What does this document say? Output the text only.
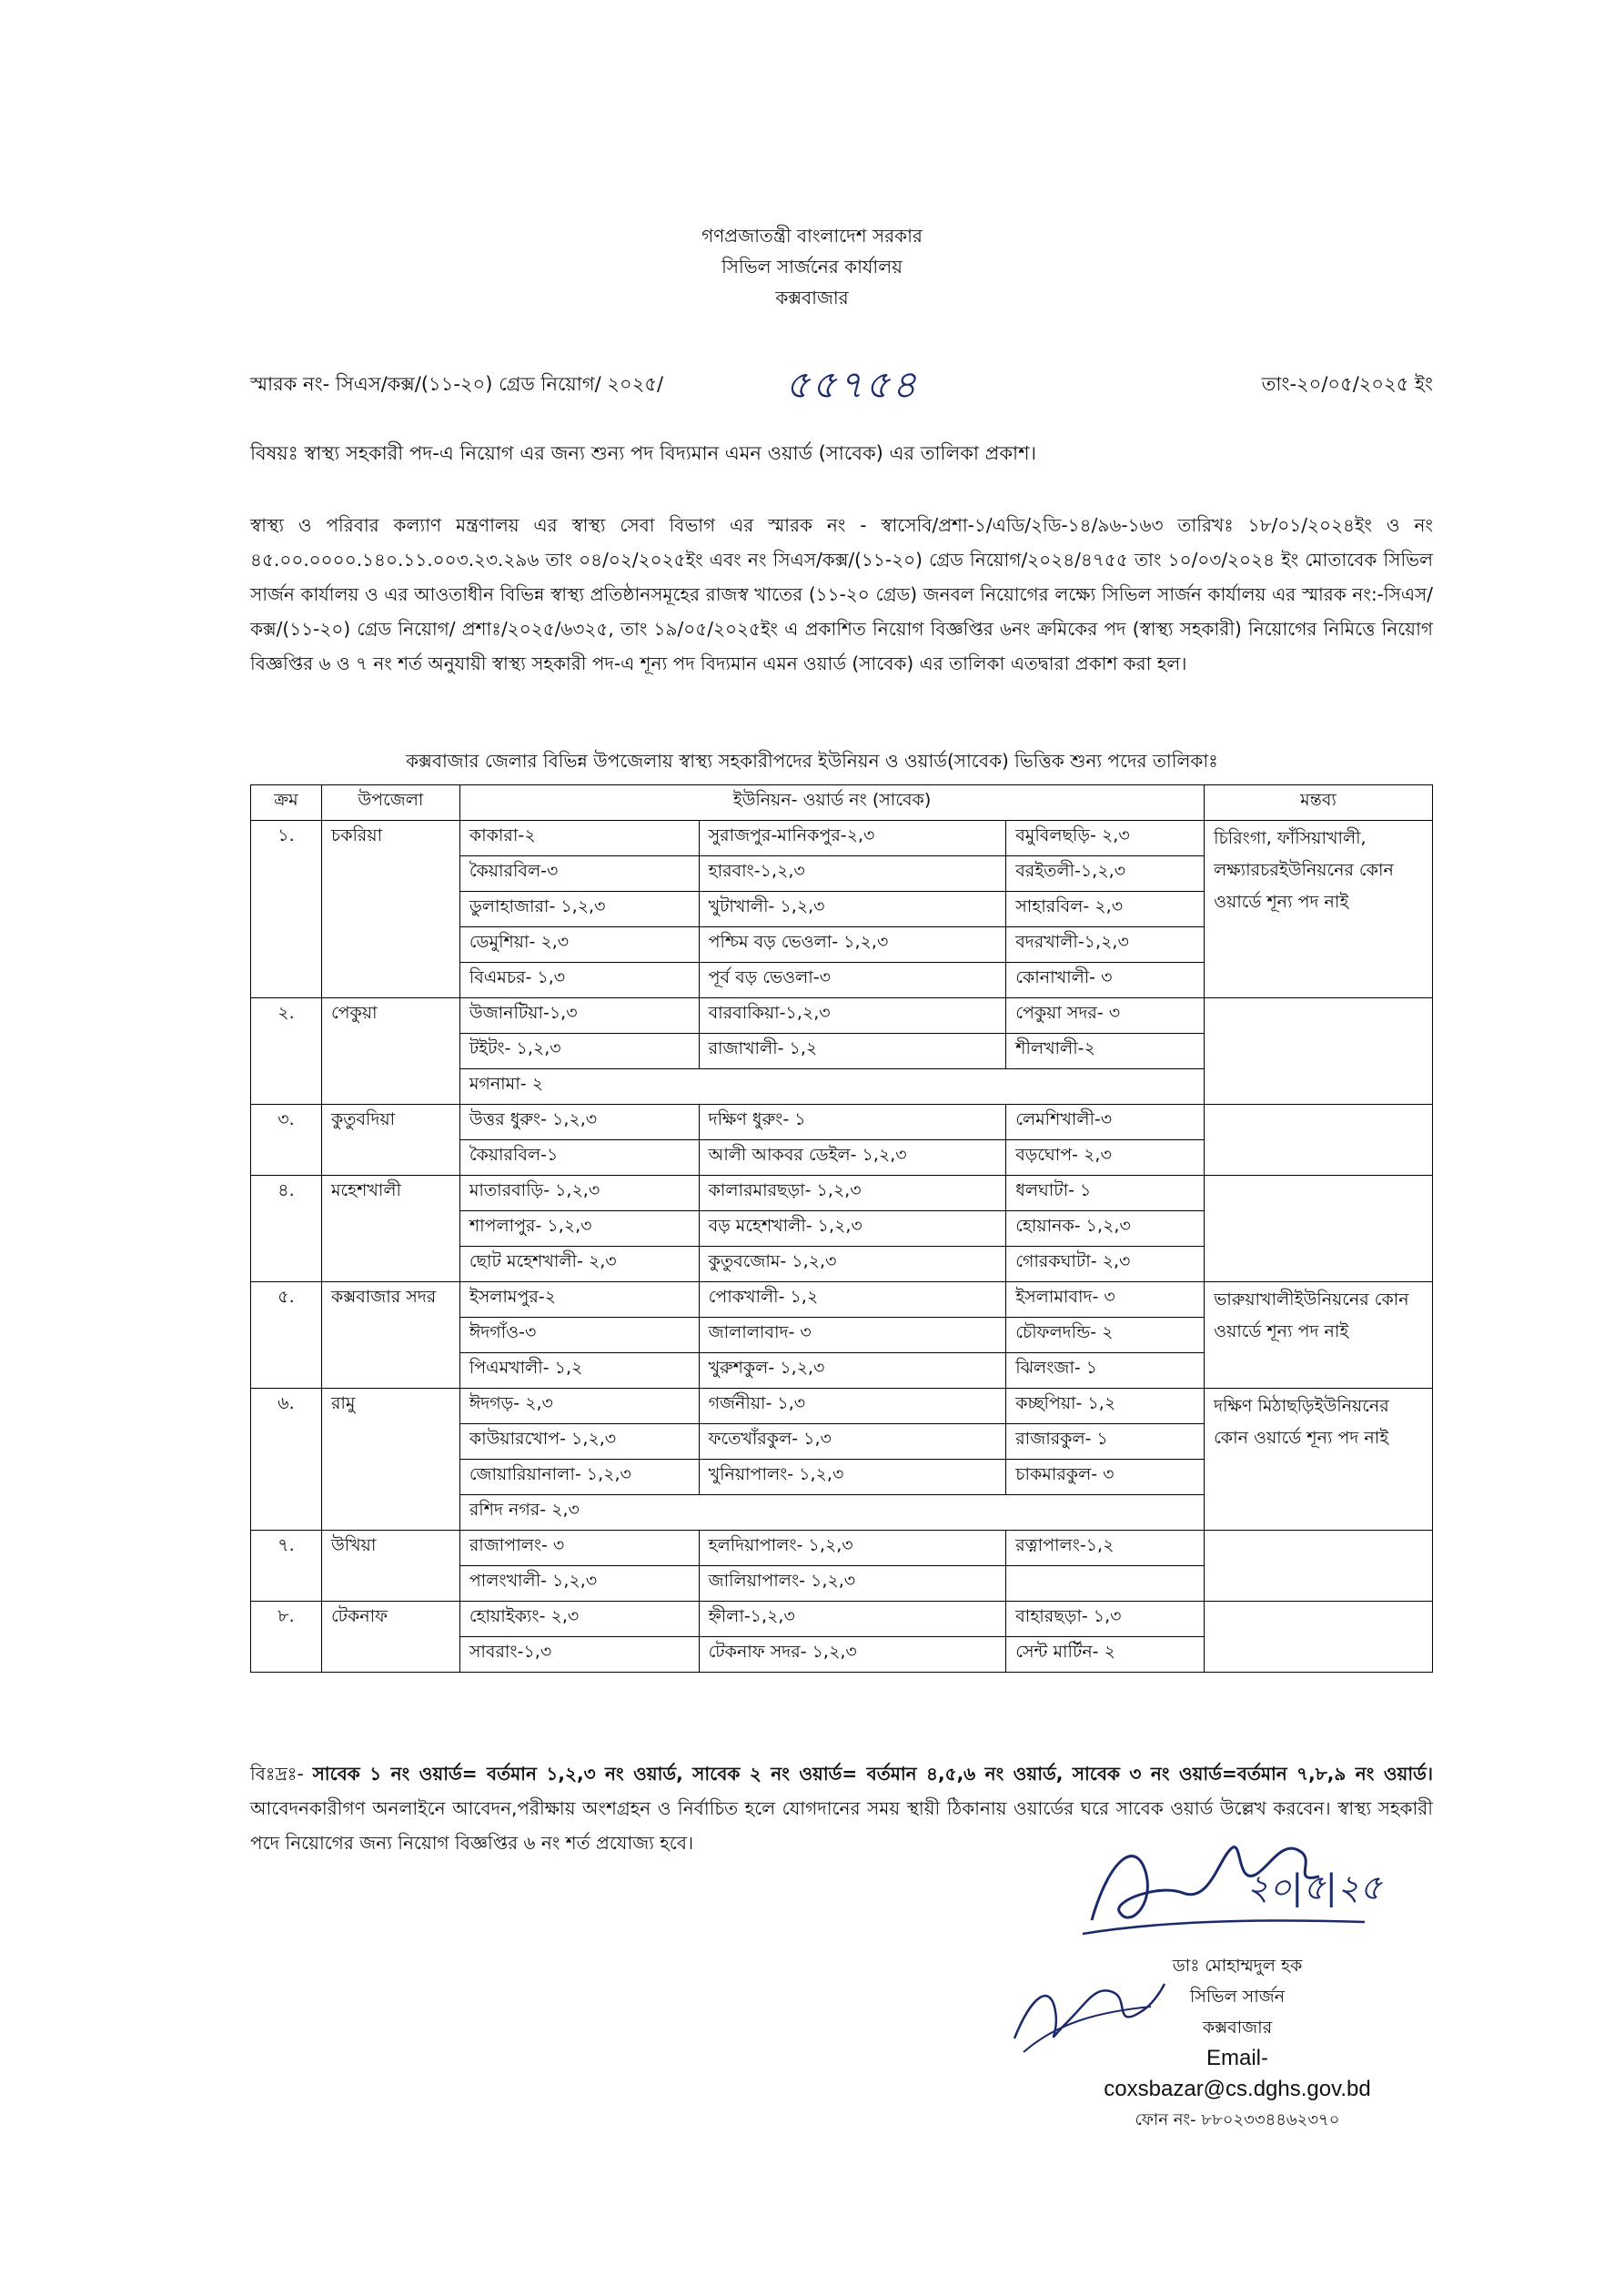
গণপ্রজাতন্ত্রী বাংলাদেশ সরকার
সিভিল সার্জনের কার্যালয়
কক্সবাজার
স্মারক নং- সিএস/কক্স/(১১-২০) গ্রেড নিয়োগ/ ২০২৫/	৫৫৭৫৪	তাং-২০/০৫/২০২৫ ইং
বিষয়ঃ স্বাস্থ্য সহকারী পদ-এ নিয়োগ এর জন্য শুন্য পদ বিদ্যমান এমন ওয়ার্ড (সাবেক) এর তালিকা প্রকাশ।
স্বাস্থ্য ও পরিবার কল্যাণ মন্ত্রণালয় এর স্বাস্থ্য সেবা বিভাগ এর স্মারক নং - স্বাসেবি/প্রশা-১/এডি/২ডি-১৪/৯৬-১৬৩ তারিখঃ ১৮/০১/২০২৪ইং ও নং ৪৫.০০.০০০০.১৪০.১১.০০৩.২৩.২৯৬ তাং ০৪/০২/২০২৫ইং এবং নং সিএস/কক্স/(১১-২০) গ্রেড নিয়োগ/২০২৪/৪৭৫৫ তাং ১০/০৩/২০২৪ ইং মোতাবেক সিভিল সার্জন কার্যালয় ও এর আওতাধীন বিভিন্ন স্বাস্থ্য প্রতিষ্ঠানসমূহের রাজস্ব খাতের (১১-২০ গ্রেড) জনবল নিয়োগের লক্ষ্যে সিভিল সার্জন কার্যালয় এর স্মারক নং:-সিএস/কক্স/(১১-২০) গ্রেড নিয়োগ/ প্রশাঃ/২০২৫/৬৩২৫, তাং ১৯/০৫/২০২৫ইং এ প্রকাশিত নিয়োগ বিজ্ঞপ্তির ৬নং ক্রমিকের পদ (স্বাস্থ্য সহকারী) নিয়োগের নিমিত্তে নিয়োগ বিজ্ঞপ্তির ৬ ও ৭ নং শর্ত অনুযায়ী স্বাস্থ্য সহকারী পদ-এ শূন্য পদ বিদ্যমান এমন ওয়ার্ড (সাবেক) এর তালিকা এতদ্বারা প্রকাশ করা হল।
কক্সবাজার জেলার বিভিন্ন উপজেলায় স্বাস্থ্য সহকারীপদের ইউনিয়ন ও ওয়ার্ড(সাবেক) ভিত্তিক শুন্য পদের তালিকাঃ
ক্রম	উপজেলা	ইউনিয়ন- ওয়ার্ড নং (সাবেক)			মন্তব্য
১.	চকরিয়া	কাকারা-২	সুরাজপুর-মানিকপুর-২,৩	বমুবিলছড়ি- ২,৩	চিরিংগা, ফাঁসিয়াখালী, লক্ষ্যারচরইউনিয়নের কোন ওয়ার্ডে শূন্য পদ নাই
		কৈয়ারবিল-৩	হারবাং-১,২,৩	বরইতলী-১,২,৩	
		ডুলাহাজারা- ১,২,৩	খুটাখালী- ১,২,৩	সাহারবিল- ২,৩	
		ডেমুশিয়া- ২,৩	পশ্চিম বড় ভেওলা- ১,২,৩	বদরখালী-১,২,৩	
		বিএমচর- ১,৩	পূর্ব বড় ভেওলা-৩	কোনাখালী- ৩	
২.	পেকুয়া	উজানটিয়া-১,৩	বারবাকিয়া-১,২,৩	পেকুয়া সদর- ৩	
		টইটং- ১,২,৩	রাজাখালী- ১,২	শীলখালী-২	
		মগনামা- ২			
৩.	কুতুবদিয়া	উত্তর ধুরুং- ১,২,৩	দক্ষিণ ধুরুং- ১	লেমশিখালী-৩	
		কৈয়ারবিল-১	আলী আকবর ডেইল- ১,২,৩	বড়ঘোপ- ২,৩	
৪.	মহেশখালী	মাতারবাড়ি- ১,২,৩	কালারমারছড়া- ১,২,৩	ধলঘাটা- ১	
		শাপলাপুর- ১,২,৩	বড় মহেশখালী- ১,২,৩	হোয়ানক- ১,২,৩	
		ছোট মহেশখালী- ২,৩	কুতুবজোম- ১,২,৩	গোরকঘাটা- ২,৩	
৫.	কক্সবাজার সদর	ইসলামপুর-২	পোকখালী- ১,২	ইসলামাবাদ- ৩	ভারুয়াখালীইউনিয়নের কোন ওয়ার্ডে শূন্য পদ নাই
		ঈদগাঁও-৩	জালালাবাদ- ৩	চৌফলদন্ডি- ২	
		পিএমখালী- ১,২	খুরুশকুল- ১,২,৩	ঝিলংজা- ১	
৬.	রামু	ঈদগড়- ২,৩	গর্জনীয়া- ১,৩	কচ্ছপিয়া- ১,২	দক্ষিণ মিঠাছড়িইউনিয়নের কোন ওয়ার্ডে শূন্য পদ নাই
		কাউয়ারখোপ- ১,২,৩	ফতেখাঁরকুল- ১,৩	রাজারকুল- ১	
		জোয়ারিয়ানালা- ১,২,৩	খুনিয়াপালং- ১,২,৩	চাকমারকুল- ৩	
		রশিদ নগর- ২,৩			
৭.	উখিয়া	রাজাপালং- ৩	হলদিয়াপালং- ১,২,৩	রত্নাপালং-১,২	
		পালংখালী- ১,২,৩	জালিয়াপালং- ১,২,৩		
৮.	টেকনাফ	হোয়াইক্যং- ২,৩	হ্নীলা-১,২,৩	বাহারছড়া- ১,৩	
		সাবরাং-১,৩	টেকনাফ সদর- ১,২,৩	সেন্ট মার্টিন- ২	
বিঃদ্রঃ- সাবেক ১ নং ওয়ার্ড= বর্তমান ১,২,৩ নং ওয়ার্ড, সাবেক ২ নং ওয়ার্ড= বর্তমান ৪,৫,৬ নং ওয়ার্ড, সাবেক ৩ নং ওয়ার্ড=বর্তমান ৭,৮,৯ নং ওয়ার্ড। আবেদনকারীগণ অনলাইনে আবেদন,পরীক্ষায় অংশগ্রহন ও নির্বাচিত হলে যোগদানের সময় স্থায়ী ঠিকানায় ওয়ার্ডের ঘরে সাবেক ওয়ার্ড উল্লেখ করবেন। স্বাস্থ্য সহকারী পদে নিয়োগের জন্য নিয়োগ বিজ্ঞপ্তির ৬ নং শর্ত প্রযোজ্য হবে।
২০|৫|২৫
ডাঃ মোহাম্মদুল হক
সিভিল সার্জন
কক্সবাজার
Email-coxsbazar@cs.dghs.gov.bd
ফোন নং- ৮৮০২৩৩৪৪৬২৩৭০
